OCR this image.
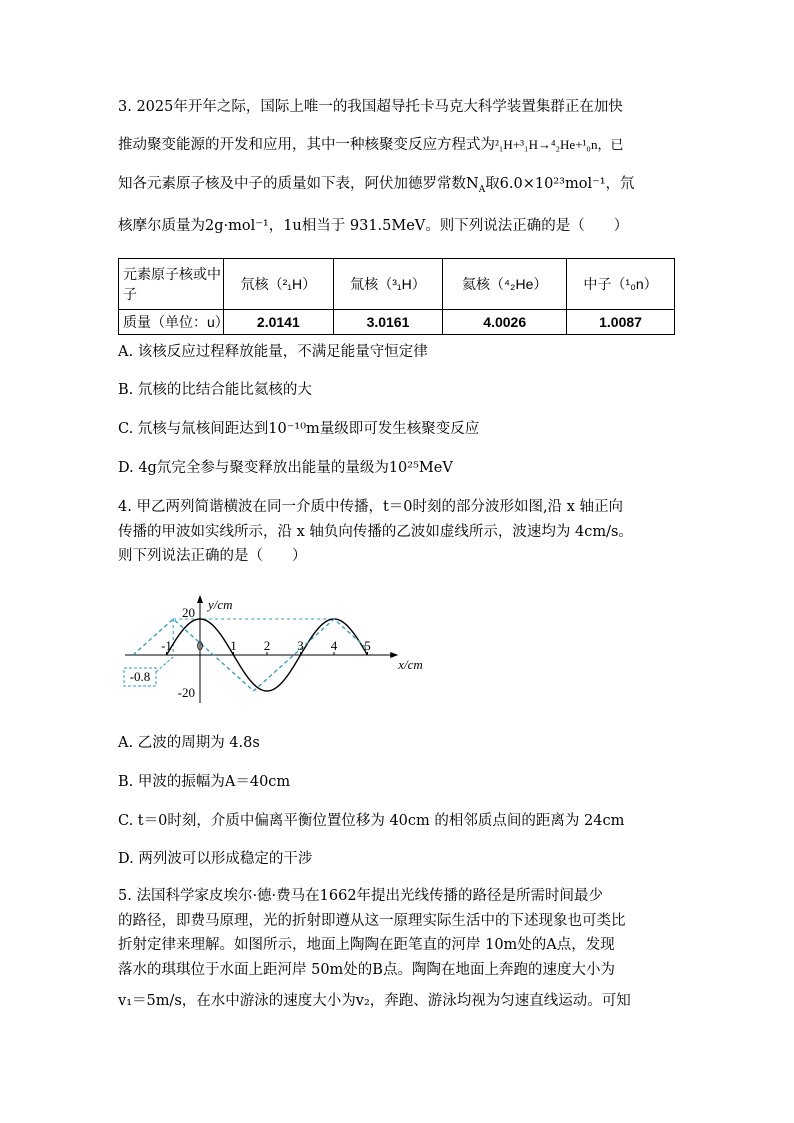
3. 2025年开年之际，国际上唯一的我国超导托卡马克大科学装置集群正在加快
推动聚变能源的开发和应用，其中一种核聚变反应方程式为²₁H+³₁H→⁴₂He+¹₀n，已
知各元素原子核及中子的质量如下表，阿伏加德罗常数$N_A$取6.0×10²³mol⁻¹，氘
核摩尔质量为2g·mol⁻¹，1u相当于 931.5MeV。则下列说法正确的是（　　）
元素原子核或中子	氘核（²₁H）	氚核（³₁H）	氦核（⁴₂He）	中子（¹₀n）
质量（单位：u）	2.0141	3.0161	4.0026	1.0087
A. 该核反应过程释放能量，不满足能量守恒定律
B. 氘核的比结合能比氦核的大
C. 氘核与氚核间距达到10⁻¹⁰m量级即可发生核聚变反应
D. 4g氘完全参与聚变释放出能量的量级为10²⁵MeV
4. 甲乙两列简谐横波在同一介质中传播，t＝0时刻的部分波形如图,沿 x 轴正向
传播的甲波如实线所示，沿 x 轴负向传播的乙波如虚线所示，波速均为 4cm/s。
则下列说法正确的是（　　）
-1 0 1 2 3 4 5
20
-20
x/cm
y/cm
-0.8
A. 乙波的周期为 4.8s
B. 甲波的振幅为A＝40cm
C. t＝0时刻，介质中偏离平衡位置位移为 40cm 的相邻质点间的距离为 24cm
D. 两列波可以形成稳定的干涉
5. 法国科学家皮埃尔·德·费马在1662年提出光线传播的路径是所需时间最少
的路径，即费马原理，光的折射即遵从这一原理实际生活中的下述现象也可类比
折射定律来理解。如图所示，地面上陶陶在距笔直的河岸 10m处的A点，发现
落水的琪琪位于水面上距河岸 50m处的B点。陶陶在地面上奔跑的速度大小为
v₁＝5m/s，在水中游泳的速度大小为v₂，奔跑、游泳均视为匀速直线运动。可知
